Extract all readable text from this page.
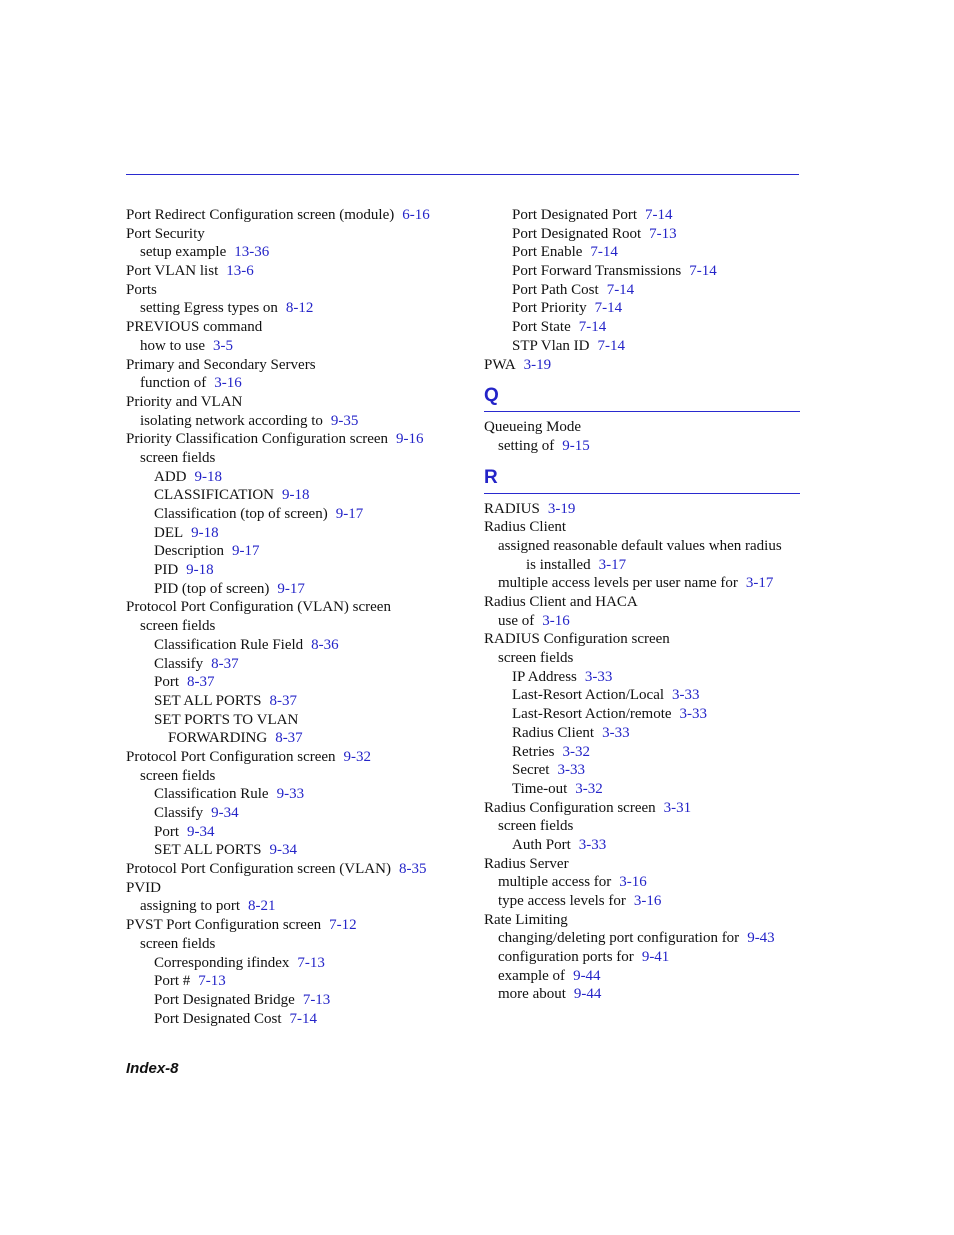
Port Redirect Configuration screen (module) 6-16
Port Security
setup example 13-36
Port VLAN list 13-6
Ports
setting Egress types on 8-12
PREVIOUS command
how to use 3-5
Primary and Secondary Servers
function of 3-16
Priority and VLAN
isolating network according to 9-35
Priority Classification Configuration screen 9-16
screen fields
ADD 9-18
CLASSIFICATION 9-18
Classification (top of screen) 9-17
DEL 9-18
Description 9-17
PID 9-18
PID (top of screen) 9-17
Protocol Port Configuration (VLAN) screen
screen fields
Classification Rule Field 8-36
Classify 8-37
Port 8-37
SET ALL PORTS 8-37
SET PORTS TO VLAN
FORWARDING 8-37
Protocol Port Configuration screen 9-32
screen fields
Classification Rule 9-33
Classify 9-34
Port 9-34
SET ALL PORTS 9-34
Protocol Port Configuration screen (VLAN) 8-35
PVID
assigning to port 8-21
PVST Port Configuration screen 7-12
screen fields
Corresponding ifindex 7-13
Port # 7-13
Port Designated Bridge 7-13
Port Designated Cost 7-14
Port Designated Port 7-14
Port Designated Root 7-13
Port Enable 7-14
Port Forward Transmissions 7-14
Port Path Cost 7-14
Port Priority 7-14
Port State 7-14
STP Vlan ID 7-14
PWA 3-19
Q
Queueing Mode
setting of 9-15
R
RADIUS 3-19
Radius Client
assigned reasonable default values when radius
is installed 3-17
multiple access levels per user name for 3-17
Radius Client and HACA
use of 3-16
RADIUS Configuration screen
screen fields
IP Address 3-33
Last-Resort Action/Local 3-33
Last-Resort Action/remote 3-33
Radius Client 3-33
Retries 3-32
Secret 3-33
Time-out 3-32
Radius Configuration screen 3-31
screen fields
Auth Port 3-33
Radius Server
multiple access for 3-16
type access levels for 3-16
Rate Limiting
changing/deleting port configuration for 9-43
configuration ports for 9-41
example of 9-44
more about 9-44
Index-8
